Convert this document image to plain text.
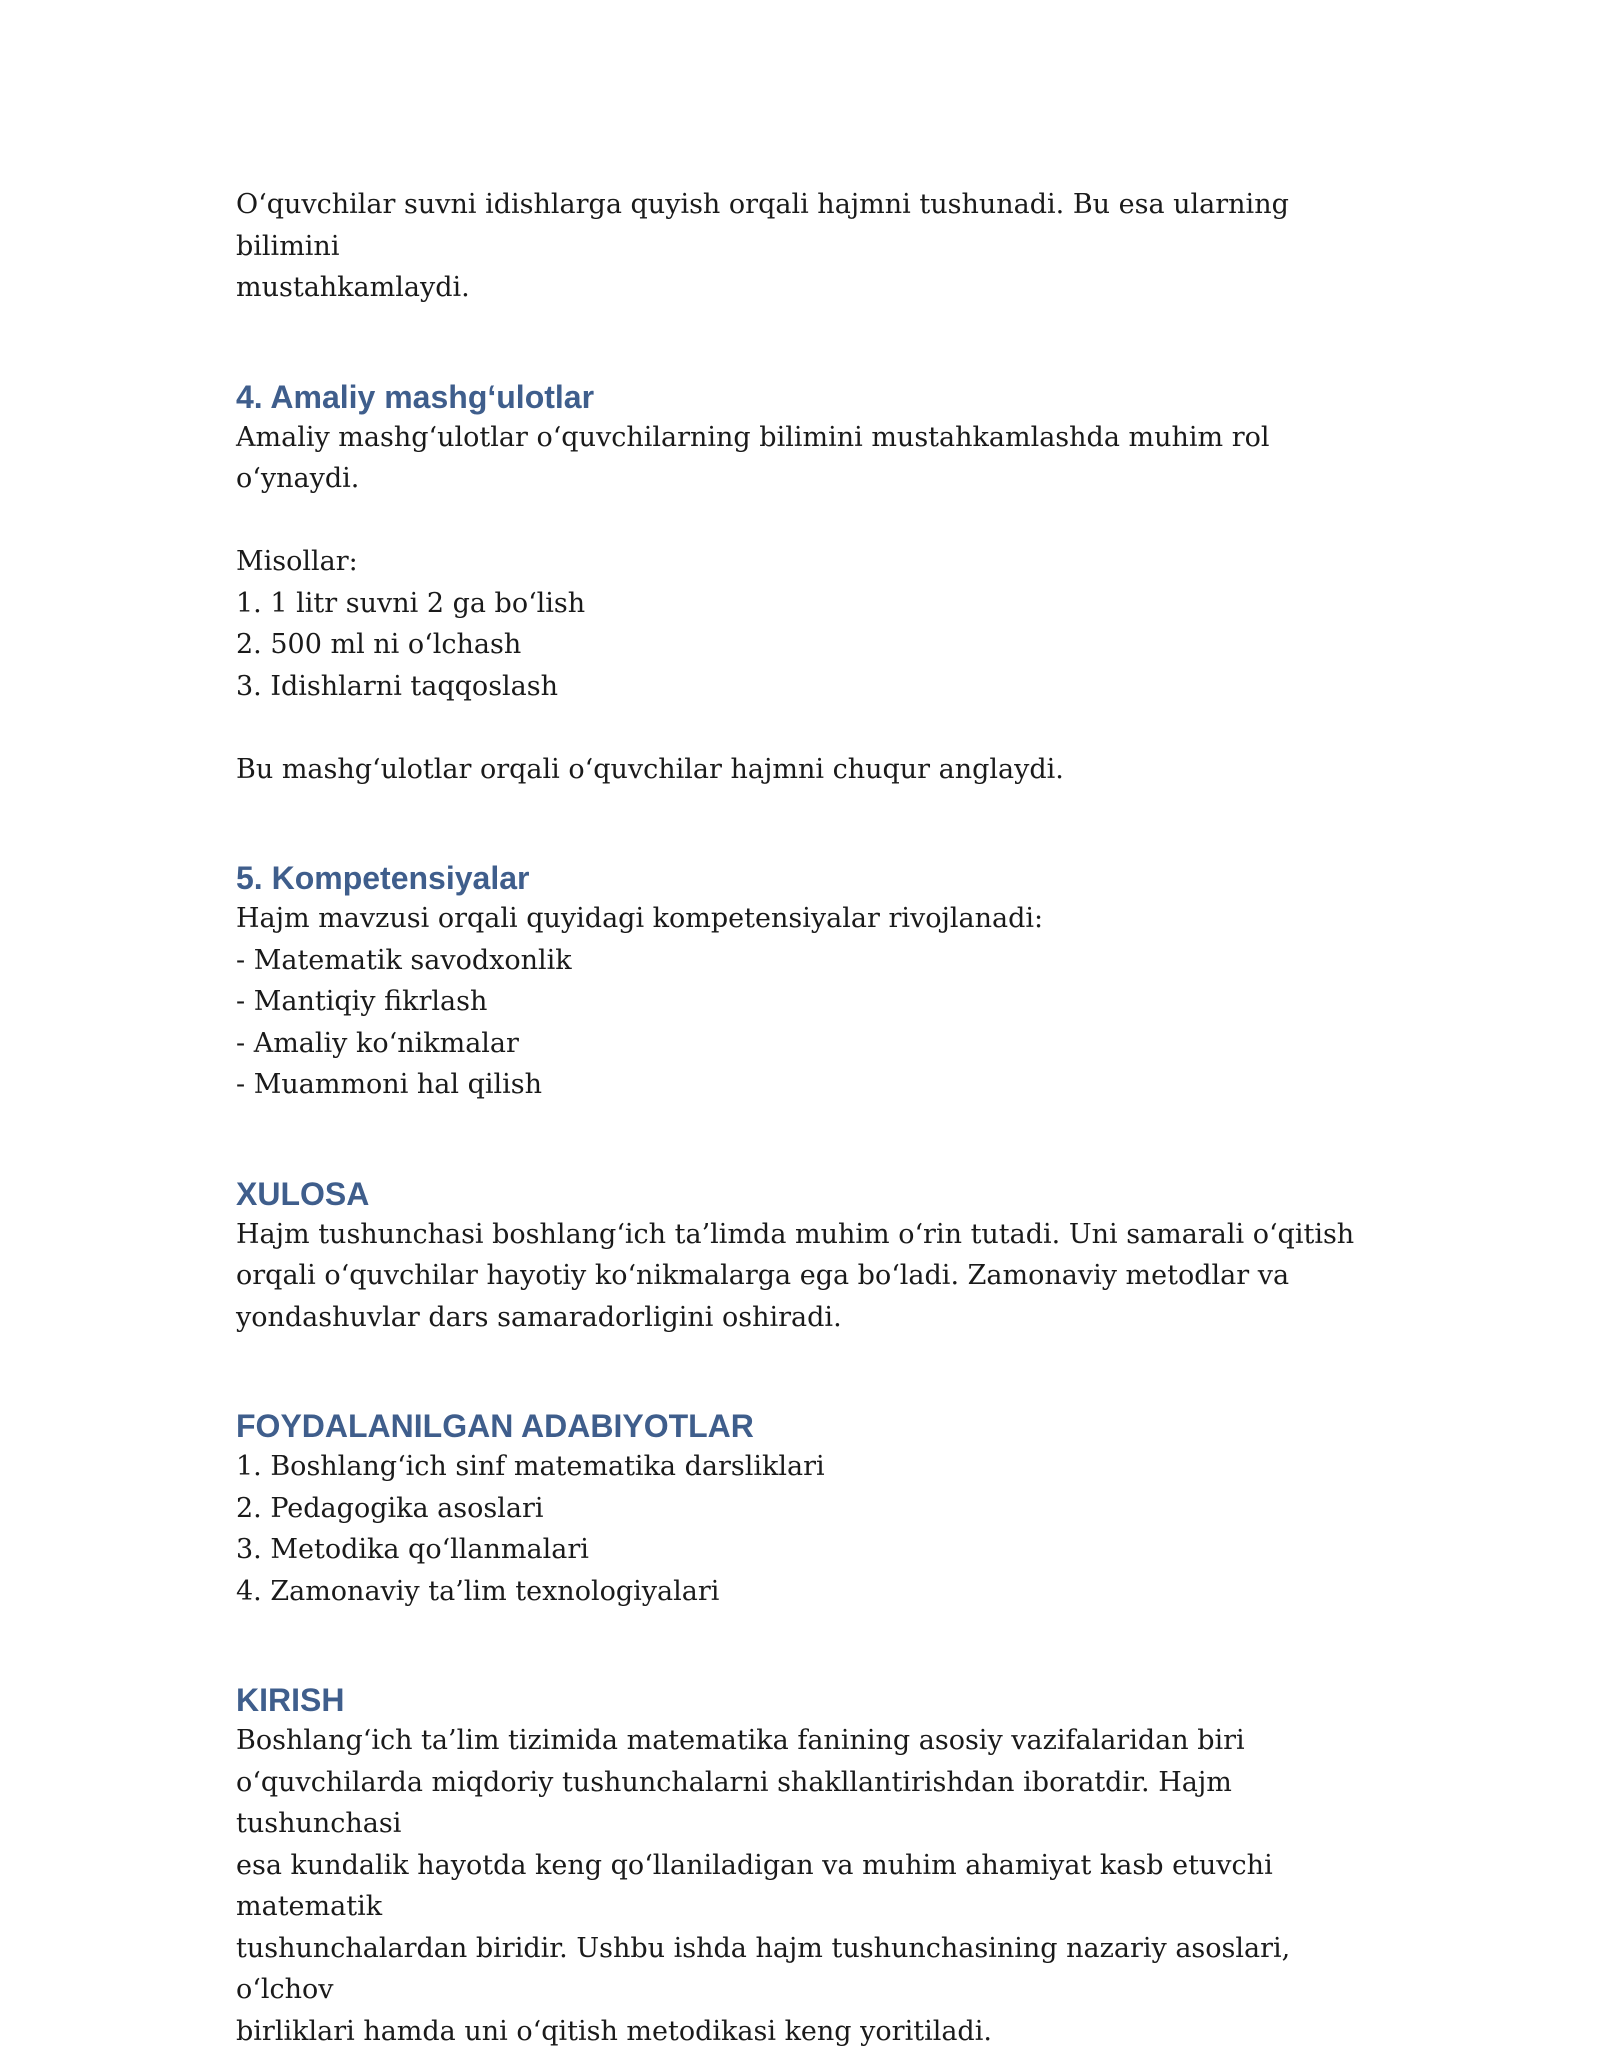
O‘quvchilar suvni idishlarga quyish orqali hajmni tushunadi. Bu esa ularning bilimini
mustahkamlaydi.

4. Amaliy mashg‘ulotlar

Amaliy mashg‘ulotlar o‘quvchilarning bilimini mustahkamlashda muhim rol o‘ynaydi.

Misollar:

1. 1 litr suvni 2 ga bo‘lish
2. 500 ml ni o‘lchash
3. Idishlarni taqqoslash

Bu mashg‘ulotlar orqali o‘quvchilar hajmni chuqur anglaydi.

5. Kompetensiyalar

Hajm mavzusi orqali quyidagi kompetensiyalar rivojlanadi:

- Matematik savodxonlik
- Mantiqiy fikrlash
- Amaliy ko‘nikmalar
- Muammoni hal qilish
XULOSA

Hajm tushunchasi boshlang‘ich ta’limda muhim o‘rin tutadi. Uni samarali o‘qitish
orqali o‘quvchilar hayotiy ko‘nikmalarga ega bo‘ladi. Zamonaviy metodlar va
yondashuvlar dars samaradorligini oshiradi.

FOYDALANILGAN ADABIYOTLAR
1. Boshlang‘ich sinf matematika darsliklari
2. Pedagogika asoslari
3. Metodika qo‘llanmalari
4. Zamonaviy ta’lim texnologiyalari
KIRISH

Boshlang‘ich ta’lim tizimida matematika fanining asosiy vazifalaridan biri
o‘quvchilarda miqdoriy tushunchalarni shakllantirishdan iboratdir. Hajm tushunchasi
esa kundalik hayotda keng qo‘llaniladigan va muhim ahamiyat kasb etuvchi matematik
tushunchalardan biridir. Ushbu ishda hajm tushunchasining nazariy asoslari, o‘lchov
birliklari hamda uni o‘qitish metodikasi keng yoritiladi.
